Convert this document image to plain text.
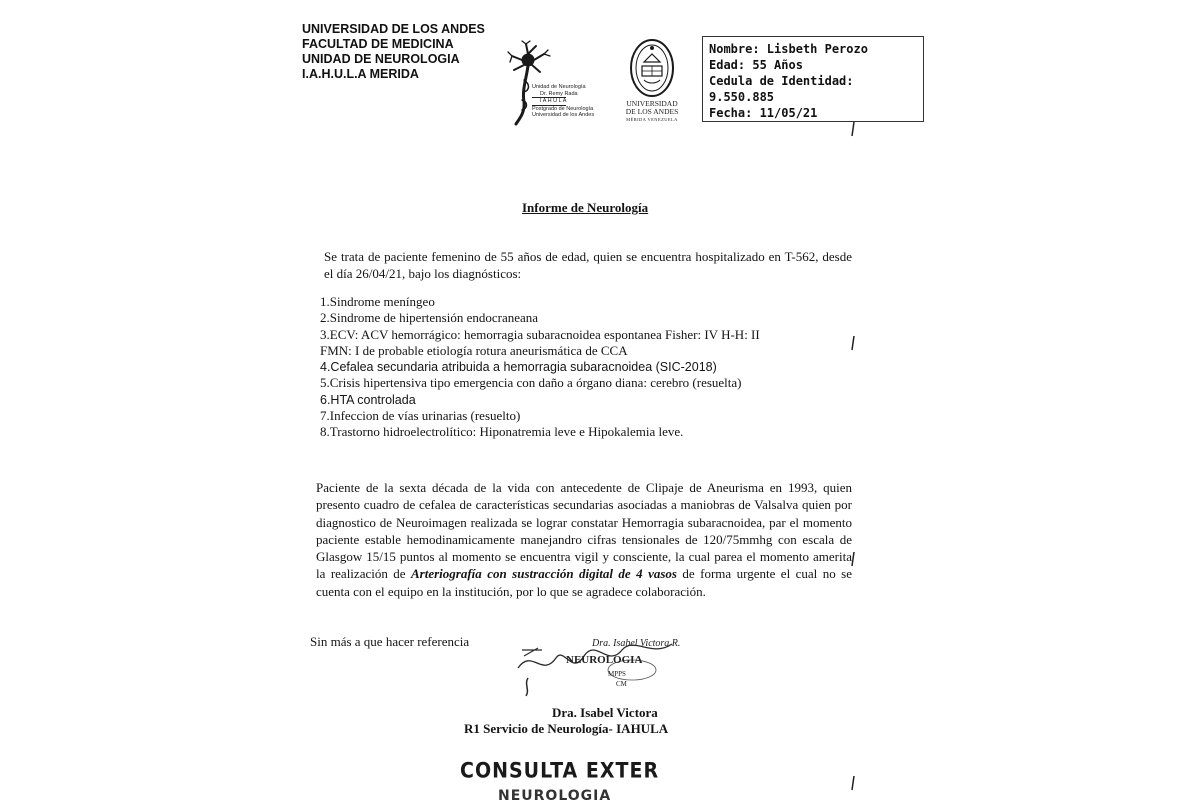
UNIVERSIDAD DE LOS ANDES
FACULTAD DE MEDICINA
UNIDAD DE NEUROLOGIA
I.A.H.U.L.A MERIDA
Unidad de Neurología
Dr. Remy Rada
I A H U L A
Postgrado de Neurología
Universidad de los Andes
UNIVERSIDAD
DE LOS ANDES
MÉRIDA VENEZUELA
Nombre: Lisbeth Perozo
Edad: 55 Años
Cedula de Identidad:
9.550.885
Fecha: 11/05/21
Informe de Neurología
Se trata de paciente femenino de 55 años de edad, quien se encuentra hospitalizado en T-562, desde el día 26/04/21, bajo los diagnósticos:
1.Sindrome meníngeo
2.Sindrome de hipertensión endocraneana
3.ECV: ACV hemorrágico: hemorragia subaracnoidea espontanea Fisher: IV H-H: II
FMN: I de probable etiología rotura aneurismática de CCA
4.Cefalea secundaria atribuida a hemorragia subaracnoidea (SIC-2018)
5.Crisis hipertensiva tipo emergencia con daño a órgano diana: cerebro (resuelta)
6.HTA controlada
7.Infeccion de vías urinarias (resuelto)
8.Trastorno hidroelectrolítico: Hiponatremia leve e Hipokalemia leve.
Paciente de la sexta década de la vida con antecedente de Clipaje de Aneurisma en 1993, quien presento cuadro de cefalea de características secundarias asociadas a maniobras de Valsalva quien por diagnostico de Neuroimagen realizada se lograr constatar Hemorragia subaracnoidea, par el momento paciente estable hemodinamicamente manejandro cifras tensionales de 120/75mmhg con escala de Glasgow 15/15 puntos al momento se encuentra vigil y consciente, la cual parea el momento amerita la realización de Arteriografía con sustracción digital de 4 vasos de forma urgente el cual no se cuenta con el equipo en la institución, por lo que se agradece colaboración.
Sin más a que hacer referencia	Dra. Isabel Victora R.
NEUROLOGIA
MPPS
CM
Dra. Isabel Victora
R1 Servicio de Neurología- IAHULA
CONSULTA EXTER
NEUROLOGIA
